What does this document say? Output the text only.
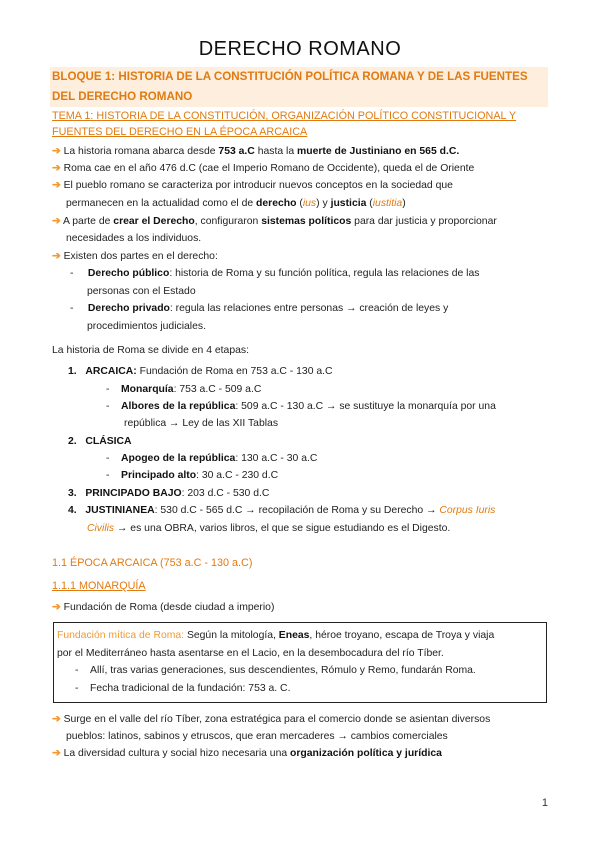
DERECHO ROMANO
BLOQUE 1: HISTORIA DE LA CONSTITUCIÓN POLÍTICA ROMANA Y DE LAS FUENTES DEL DERECHO ROMANO
TEMA 1: HISTORIA DE LA CONSTITUCIÓN, ORGANIZACIÓN POLÍTICO CONSTITUCIONAL Y FUENTES DEL DERECHO EN LA ÉPOCA ARCAICA
➔ La historia romana abarca desde 753 a.C hasta la muerte de Justiniano en 565 d.C.
➔ Roma cae en el año 476 d.C (cae el Imperio Romano de Occidente), queda el de Oriente
➔ El pueblo romano se caracteriza por introducir nuevos conceptos en la sociedad que
permanecen en la actualidad como el de derecho (ius) y justicia (iustitia)
➔ A parte de crear el Derecho, configuraron sistemas políticos para dar justicia y proporcionar
necesidades a los individuos.
➔ Existen dos partes en el derecho:
-     Derecho público: historia de Roma y su función política, regula las relaciones de las
personas con el Estado
-     Derecho privado: regula las relaciones entre personas → creación de leyes y
procedimientos judiciales.
La historia de Roma se divide en 4 etapas:
1. ARCAICA: Fundación de Roma en 753 a.C - 130 a.C
-    Monarquía: 753 a.C - 509 a.C
-    Albores de la república: 509 a.C - 130 a.C → se sustituye la monarquía por una
república → Ley de las XII Tablas
2. CLÁSICA
-    Apogeo de la república: 130 a.C - 30 a.C
-    Principado alto: 30 a.C - 230 d.C
3. PRINCIPADO BAJO: 203 d.C - 530 d.C
4. JUSTINIANEA: 530 d.C - 565 d.C → recopilación de Roma y su Derecho → Corpus Iuris
Civilis → es una OBRA, varios libros, el que se sigue estudiando es el Digesto.
1.1 ÉPOCA ARCAICA (753 a.C - 130 a.C)
1.1.1 MONARQUÍA
➔ Fundación de Roma (desde ciudad a imperio)
Fundación mítica de Roma: Según la mitología, Eneas, héroe troyano, escapa de Troya y viaja
por el Mediterráneo hasta asentarse en el Lacio, en la desembocadura del río Tíber.
-    Allí, tras varias generaciones, sus descendientes, Rómulo y Remo, fundarán Roma.
-    Fecha tradicional de la fundación: 753 a. C.
➔ Surge en el valle del río Tíber, zona estratégica para el comercio donde se asientan diversos
pueblos: latinos, sabinos y etruscos, que eran mercaderes → cambios comerciales
➔ La diversidad cultura y social hizo necesaria una organización política y jurídica
1
